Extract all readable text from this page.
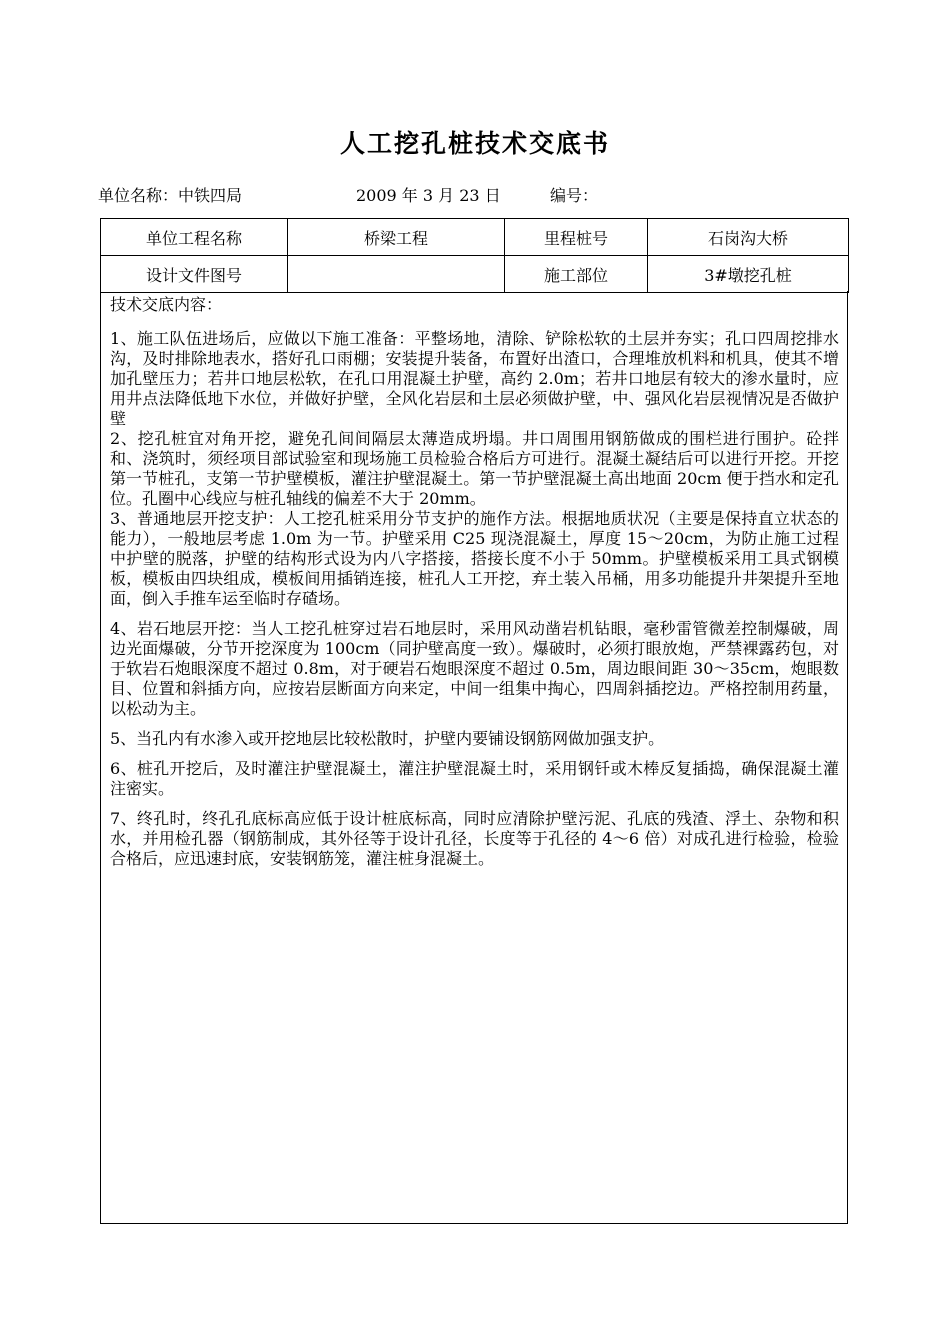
人工挖孔桩技术交底书
单位名称：中铁四局	2009 年 3 月 23 日	编号：
单位工程名称	桥梁工程	里程桩号	石岗沟大桥
设计文件图号		施工部位	3#墩挖孔桩

技术交底内容：

1、施工队伍进场后，应做以下施工准备：平整场地，清除、铲除松软的土层并夯实；孔口四周挖排水沟，及时排除地表水，搭好孔口雨棚；安装提升装备，布置好出渣口，合理堆放机料和机具，使其不增加孔壁压力；若井口地层松软，在孔口用混凝土护壁，高约 2.0m；若井口地层有较大的渗水量时，应用井点法降低地下水位，并做好护壁，全风化岩层和土层必须做护壁，中、强风化岩层视情况是否做护壁

2、挖孔桩宜对角开挖，避免孔间间隔层太薄造成坍塌。井口周围用钢筋做成的围栏进行围护。砼拌和、浇筑时，须经项目部试验室和现场施工员检验合格后方可进行。混凝土凝结后可以进行开挖。开挖第一节桩孔，支第一节护壁模板，灌注护壁混凝土。第一节护壁混凝土高出地面 20cm 便于挡水和定孔位。孔圈中心线应与桩孔轴线的偏差不大于 20mm。

3、普通地层开挖支护：人工挖孔桩采用分节支护的施作方法。根据地质状况（主要是保持直立状态的能力），一般地层考虑 1.0m 为一节。护壁采用 C25 现浇混凝土，厚度 15～20cm，为防止施工过程中护壁的脱落，护壁的结构形式设为内八字搭接，搭接长度不小于 50mm。护壁模板采用工具式钢模板，模板由四块组成，模板间用插销连接，桩孔人工开挖，弃土装入吊桶，用多功能提升井架提升至地面，倒入手推车运至临时存碴场。

4、岩石地层开挖：当人工挖孔桩穿过岩石地层时，采用风动凿岩机钻眼，毫秒雷管微差控制爆破，周边光面爆破，分节开挖深度为 100cm（同护壁高度一致）。爆破时，必须打眼放炮，严禁裸露药包，对于软岩石炮眼深度不超过 0.8m，对于硬岩石炮眼深度不超过 0.5m，周边眼间距 30～35cm，炮眼数目、位置和斜插方向，应按岩层断面方向来定，中间一组集中掏心，四周斜插挖边。严格控制用药量，以松动为主。

5、当孔内有水渗入或开挖地层比较松散时，护壁内要铺设钢筋网做加强支护。

6、桩孔开挖后，及时灌注护壁混凝土，灌注护壁混凝土时，采用钢钎或木棒反复插捣，确保混凝土灌注密实。

7、终孔时，终孔孔底标高应低于设计桩底标高，同时应清除护壁污泥、孔底的残渣、浮土、杂物和积水，并用检孔器（钢筋制成，其外径等于设计孔径，长度等于孔径的 4～6 倍）对成孔进行检验，检验合格后，应迅速封底，安装钢筋笼，灌注桩身混凝土。
